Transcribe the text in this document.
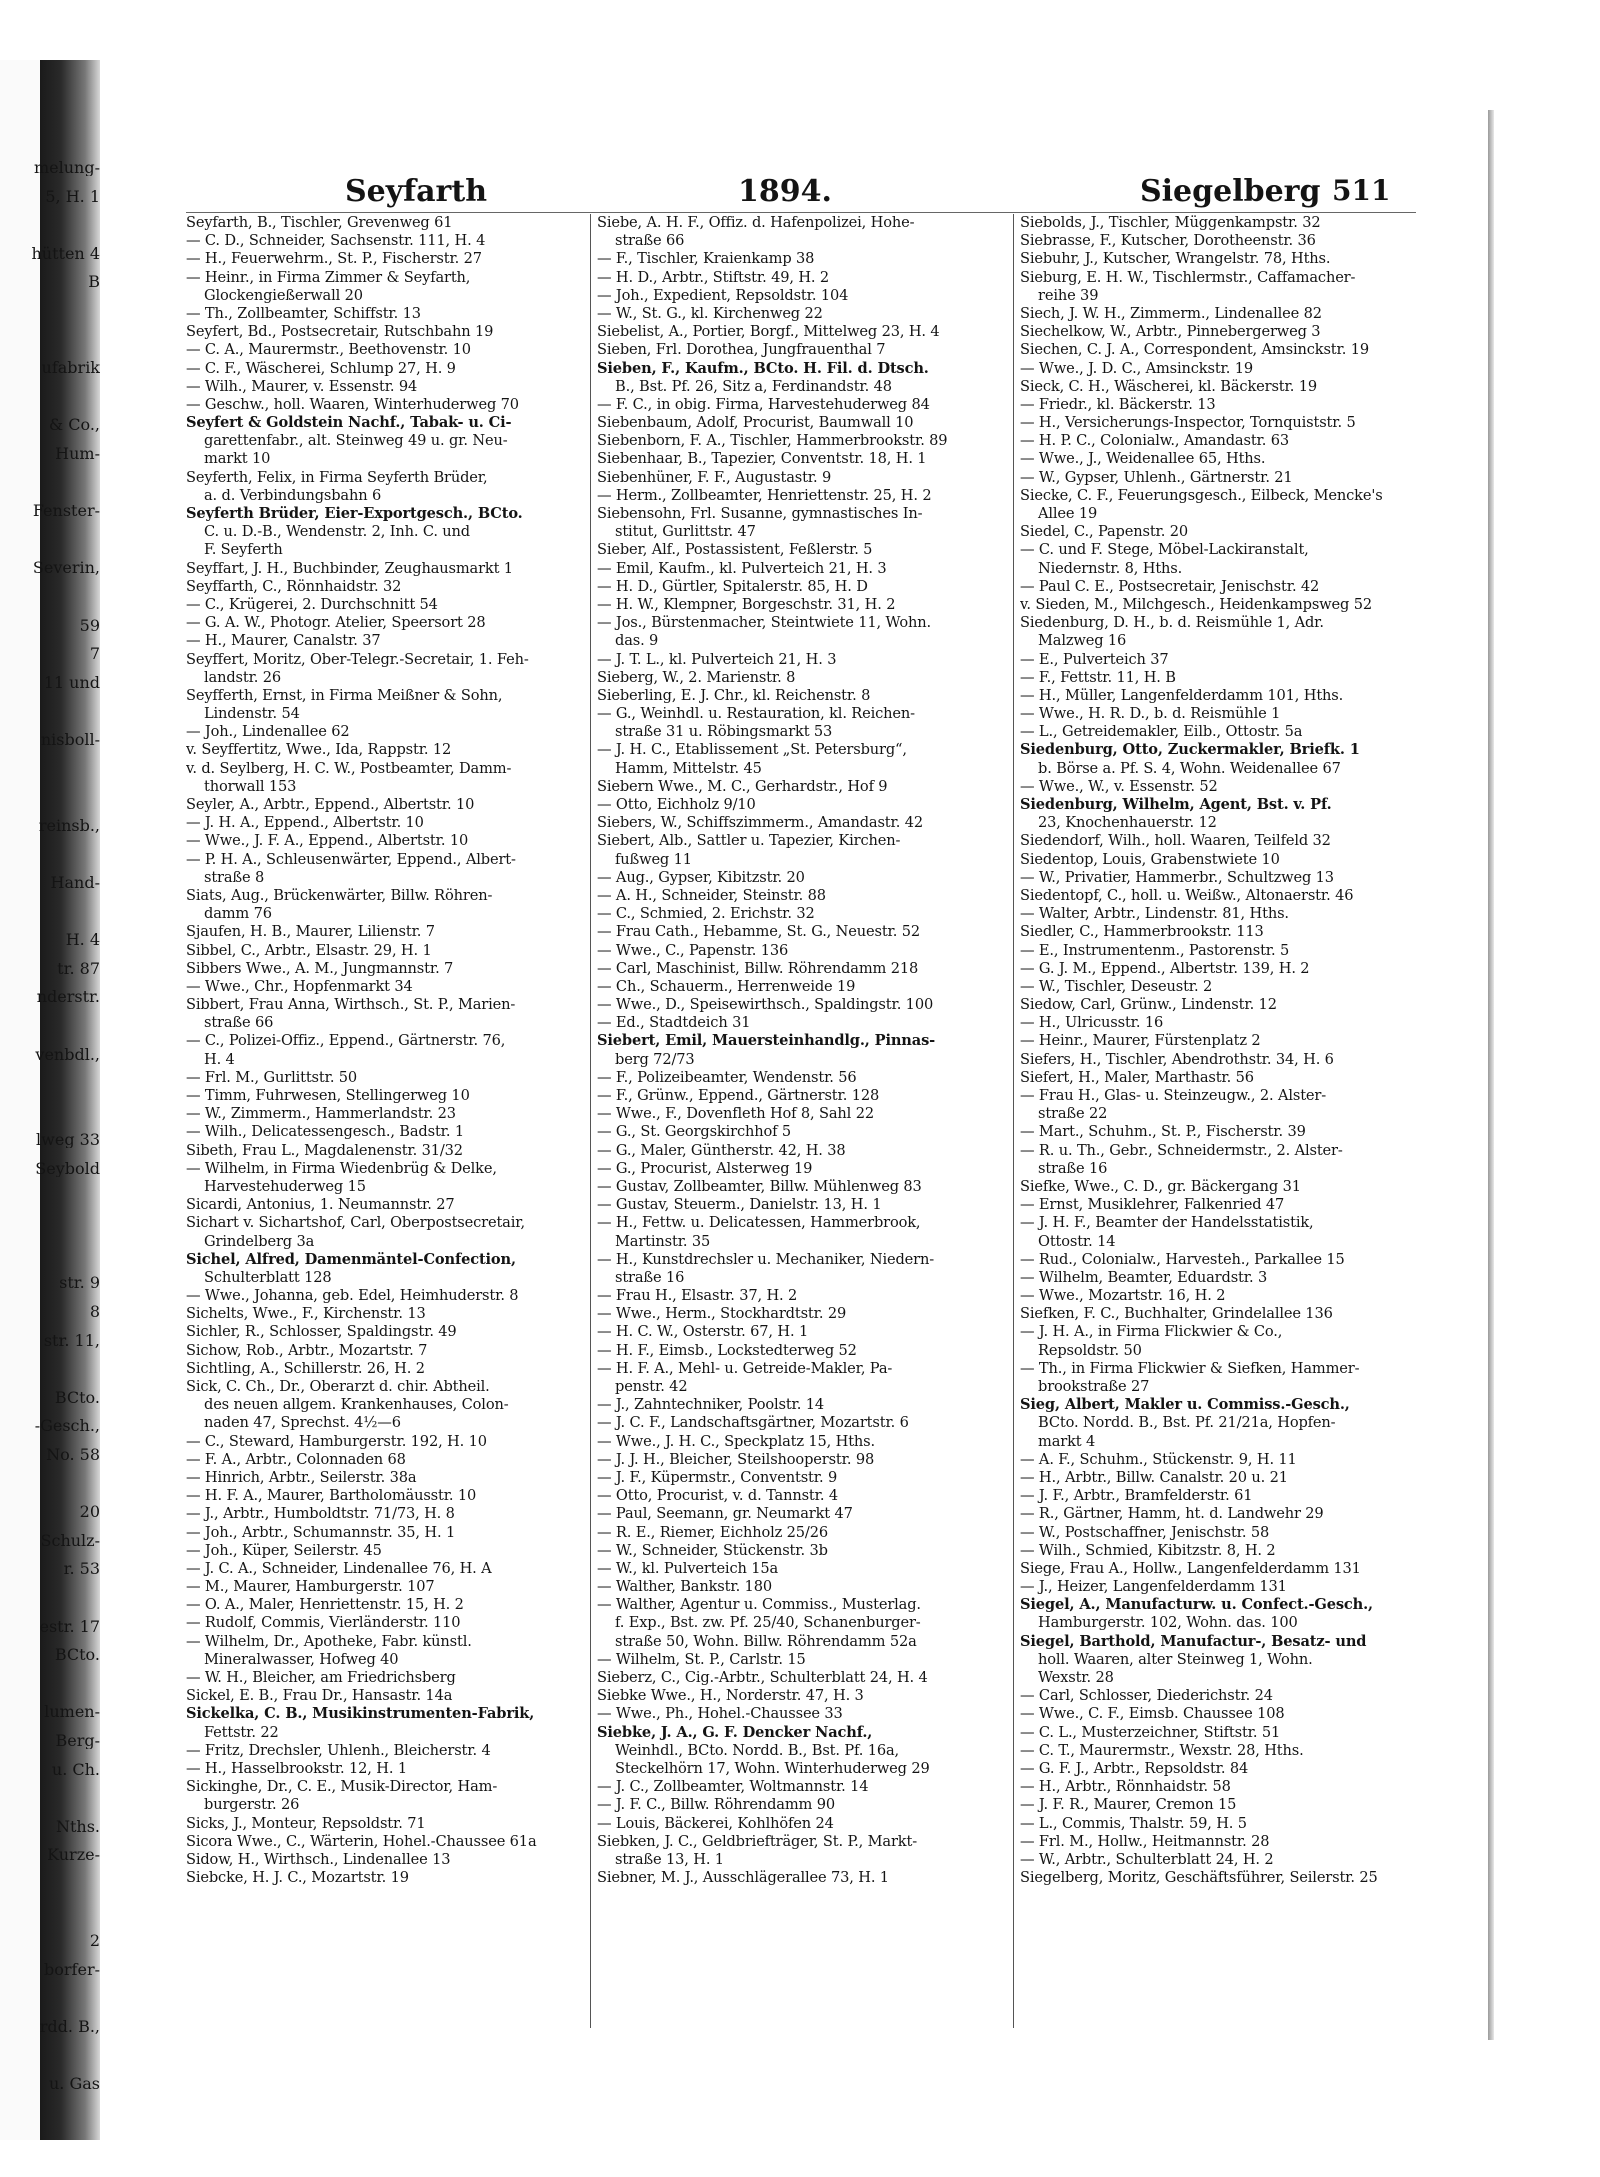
melung-
5, H. 1
hütten 4
B
ufabrik
& Co.,
Hum-
Fenster-
Severin,
59
7
11 und
nisboll-
reinsb.,
Hand-
H. 4
tr. 87
nderstr.
venbdl.,
lweg 33
Seybold
str. 9
8
str. 11,
BCto.
-Gesch.,
No. 58
20
Schulz-
r. 53
estr. 17
BCto.
lumen-
Berg-
u. Ch.
Nths.
Kurze-
2
borfer-
rdd. B.,
u. Gas
Seyfarth	1894.	Siegelberg 511
Seyfarth, B., Tischler, Grevenweg 61
— C. D., Schneider, Sachsenstr. 111, H. 4
— H., Feuerwehrm., St. P., Fischerstr. 27
— Heinr., in Firma Zimmer & Seyfarth,
Glockengießerwall 20
— Th., Zollbeamter, Schiffstr. 13
Seyfert, Bd., Postsecretair, Rutschbahn 19
— C. A., Maurermstr., Beethovenstr. 10
— C. F., Wäscherei, Schlump 27, H. 9
— Wilh., Maurer, v. Essenstr. 94
— Geschw., holl. Waaren, Winterhuderweg 70
Seyfert & Goldstein Nachf., Tabak- u. Ci-
garettenfabr., alt. Steinweg 49 u. gr. Neu-
markt 10
Seyferth, Felix, in Firma Seyferth Brüder,
a. d. Verbindungsbahn 6
Seyferth Brüder, Eier-Exportgesch., BCto.
C. u. D.-B., Wendenstr. 2, Inh. C. und
F. Seyferth
Seyffart, J. H., Buchbinder, Zeughausmarkt 1
Seyffarth, C., Rönnhaidstr. 32
— C., Krügerei, 2. Durchschnitt 54
— G. A. W., Photogr. Atelier, Speersort 28
— H., Maurer, Canalstr. 37
Seyffert, Moritz, Ober-Telegr.-Secretair, 1. Feh-
landstr. 26
Seyfferth, Ernst, in Firma Meißner & Sohn,
Lindenstr. 54
— Joh., Lindenallee 62
v. Seyffertitz, Wwe., Ida, Rappstr. 12
v. d. Seylberg, H. C. W., Postbeamter, Damm-
thorwall 153
Seyler, A., Arbtr., Eppend., Albertstr. 10
— J. H. A., Eppend., Albertstr. 10
— Wwe., J. F. A., Eppend., Albertstr. 10
— P. H. A., Schleusenwärter, Eppend., Albert-
straße 8
Siats, Aug., Brückenwärter, Billw. Röhren-
damm 76
Sjaufen, H. B., Maurer, Lilienstr. 7
Sibbel, C., Arbtr., Elsastr. 29, H. 1
Sibbers Wwe., A. M., Jungmannstr. 7
— Wwe., Chr., Hopfenmarkt 34
Sibbert, Frau Anna, Wirthsch., St. P., Marien-
straße 66
— C., Polizei-Offiz., Eppend., Gärtnerstr. 76,
H. 4
— Frl. M., Gurlittstr. 50
— Timm, Fuhrwesen, Stellingerweg 10
— W., Zimmerm., Hammerlandstr. 23
— Wilh., Delicatessengesch., Badstr. 1
Sibeth, Frau L., Magdalenenstr. 31/32
— Wilhelm, in Firma Wiedenbrüg & Delke,
Harvestehuderweg 15
Sicardi, Antonius, 1. Neumannstr. 27
Sichart v. Sichartshof, Carl, Oberpostsecretair,
Grindelberg 3a
Sichel, Alfred, Damenmäntel-Confection,
Schulterblatt 128
— Wwe., Johanna, geb. Edel, Heimhuderstr. 8
Sichelts, Wwe., F., Kirchenstr. 13
Sichler, R., Schlosser, Spaldingstr. 49
Sichow, Rob., Arbtr., Mozartstr. 7
Sichtling, A., Schillerstr. 26, H. 2
Sick, C. Ch., Dr., Oberarzt d. chir. Abtheil.
des neuen allgem. Krankenhauses, Colon-
naden 47, Sprechst. 4½—6
— C., Steward, Hamburgerstr. 192, H. 10
— F. A., Arbtr., Colonnaden 68
— Hinrich, Arbtr., Seilerstr. 38a
— H. F. A., Maurer, Bartholomäusstr. 10
— J., Arbtr., Humboldtstr. 71/73, H. 8
— Joh., Arbtr., Schumannstr. 35, H. 1
— Joh., Küper, Seilerstr. 45
— J. C. A., Schneider, Lindenallee 76, H. A
— M., Maurer, Hamburgerstr. 107
— O. A., Maler, Henriettenstr. 15, H. 2
— Rudolf, Commis, Vierländerstr. 110
— Wilhelm, Dr., Apotheke, Fabr. künstl.
Mineralwasser, Hofweg 40
— W. H., Bleicher, am Friedrichsberg
Sickel, E. B., Frau Dr., Hansastr. 14a
Sickelka, C. B., Musikinstrumenten-Fabrik,
Fettstr. 22
— Fritz, Drechsler, Uhlenh., Bleicherstr. 4
— H., Hasselbrookstr. 12, H. 1
Sickinghe, Dr., C. E., Musik-Director, Ham-
burgerstr. 26
Sicks, J., Monteur, Repsoldstr. 71
Sicora Wwe., C., Wärterin, Hohel.-Chaussee 61a
Sidow, H., Wirthsch., Lindenallee 13
Siebcke, H. J. C., Mozartstr. 19
Siebe, A. H. F., Offiz. d. Hafenpolizei, Hohe-
straße 66
— F., Tischler, Kraienkamp 38
— H. D., Arbtr., Stiftstr. 49, H. 2
— Joh., Expedient, Repsoldstr. 104
— W., St. G., kl. Kirchenweg 22
Siebelist, A., Portier, Borgf., Mittelweg 23, H. 4
Sieben, Frl. Dorothea, Jungfrauenthal 7
Sieben, F., Kaufm., BCto. H. Fil. d. Dtsch.
B., Bst. Pf. 26, Sitz a, Ferdinandstr. 48
— F. C., in obig. Firma, Harvestehuderweg 84
Siebenbaum, Adolf, Procurist, Baumwall 10
Siebenborn, F. A., Tischler, Hammerbrookstr. 89
Siebenhaar, B., Tapezier, Conventstr. 18, H. 1
Siebenhüner, F. F., Augustastr. 9
— Herm., Zollbeamter, Henriettenstr. 25, H. 2
Siebensohn, Frl. Susanne, gymnastisches In-
stitut, Gurlittstr. 47
Sieber, Alf., Postassistent, Feßlerstr. 5
— Emil, Kaufm., kl. Pulverteich 21, H. 3
— H. D., Gürtler, Spitalerstr. 85, H. D
— H. W., Klempner, Borgeschstr. 31, H. 2
— Jos., Bürstenmacher, Steintwiete 11, Wohn.
das. 9
— J. T. L., kl. Pulverteich 21, H. 3
Sieberg, W., 2. Marienstr. 8
Sieberling, E. J. Chr., kl. Reichenstr. 8
— G., Weinhdl. u. Restauration, kl. Reichen-
straße 31 u. Röbingsmarkt 53
— J. H. C., Etablissement „St. Petersburg“,
Hamm, Mittelstr. 45
Siebern Wwe., M. C., Gerhardstr., Hof 9
— Otto, Eichholz 9/10
Siebers, W., Schiffszimmerm., Amandastr. 42
Siebert, Alb., Sattler u. Tapezier, Kirchen-
fußweg 11
— Aug., Gypser, Kibitzstr. 20
— A. H., Schneider, Steinstr. 88
— C., Schmied, 2. Erichstr. 32
— Frau Cath., Hebamme, St. G., Neuestr. 52
— Wwe., C., Papenstr. 136
— Carl, Maschinist, Billw. Röhrendamm 218
— Ch., Schauerm., Herrenweide 19
— Wwe., D., Speisewirthsch., Spaldingstr. 100
— Ed., Stadtdeich 31
Siebert, Emil, Mauersteinhandlg., Pinnas-
berg 72/73
— F., Polizeibeamter, Wendenstr. 56
— F., Grünw., Eppend., Gärtnerstr. 128
— Wwe., F., Dovenfleth Hof 8, Sahl 22
— G., St. Georgskirchhof 5
— G., Maler, Güntherstr. 42, H. 38
— G., Procurist, Alsterweg 19
— Gustav, Zollbeamter, Billw. Mühlenweg 83
— Gustav, Steuerm., Danielstr. 13, H. 1
— H., Fettw. u. Delicatessen, Hammerbrook,
Martinstr. 35
— H., Kunstdrechsler u. Mechaniker, Niedern-
straße 16
— Frau H., Elsastr. 37, H. 2
— Wwe., Herm., Stockhardtstr. 29
— H. C. W., Osterstr. 67, H. 1
— H. F., Eimsb., Lockstedterweg 52
— H. F. A., Mehl- u. Getreide-Makler, Pa-
penstr. 42
— J., Zahntechniker, Poolstr. 14
— J. C. F., Landschaftsgärtner, Mozartstr. 6
— Wwe., J. H. C., Speckplatz 15, Hths.
— J. J. H., Bleicher, Steilshooperstr. 98
— J. F., Küpermstr., Conventstr. 9
— Otto, Procurist, v. d. Tannstr. 4
— Paul, Seemann, gr. Neumarkt 47
— R. E., Riemer, Eichholz 25/26
— W., Schneider, Stückenstr. 3b
— W., kl. Pulverteich 15a
— Walther, Bankstr. 180
— Walther, Agentur u. Commiss., Musterlag.
f. Exp., Bst. zw. Pf. 25/40, Schanenburger-
straße 50, Wohn. Billw. Röhrendamm 52a
— Wilhelm, St. P., Carlstr. 15
Sieberz, C., Cig.-Arbtr., Schulterblatt 24, H. 4
Siebke Wwe., H., Norderstr. 47, H. 3
— Wwe., Ph., Hohel.-Chaussee 33
Siebke, J. A., G. F. Dencker Nachf.,
Weinhdl., BCto. Nordd. B., Bst. Pf. 16a,
Steckelhörn 17, Wohn. Winterhuderweg 29
— J. C., Zollbeamter, Woltmannstr. 14
— J. F. C., Billw. Röhrendamm 90
— Louis, Bäckerei, Kohlhöfen 24
Siebken, J. C., Geldbriefträger, St. P., Markt-
straße 13, H. 1
Siebner, M. J., Ausschlägerallee 73, H. 1
Siebolds, J., Tischler, Müggenkampstr. 32
Siebrasse, F., Kutscher, Dorotheenstr. 36
Siebuhr, J., Kutscher, Wrangelstr. 78, Hths.
Sieburg, E. H. W., Tischlermstr., Caffamacher-
reihe 39
Siech, J. W. H., Zimmerm., Lindenallee 82
Siechelkow, W., Arbtr., Pinnebergerweg 3
Siechen, C. J. A., Correspondent, Amsinckstr. 19
— Wwe., J. D. C., Amsinckstr. 19
Sieck, C. H., Wäscherei, kl. Bäckerstr. 19
— Friedr., kl. Bäckerstr. 13
— H., Versicherungs-Inspector, Tornquiststr. 5
— H. P. C., Colonialw., Amandastr. 63
— Wwe., J., Weidenallee 65, Hths.
— W., Gypser, Uhlenh., Gärtnerstr. 21
Siecke, C. F., Feuerungsgesch., Eilbeck, Mencke's
Allee 19
Siedel, C., Papenstr. 20
— C. und F. Stege, Möbel-Lackiranstalt,
Niedernstr. 8, Hths.
— Paul C. E., Postsecretair, Jenischstr. 42
v. Sieden, M., Milchgesch., Heidenkampsweg 52
Siedenburg, D. H., b. d. Reismühle 1, Adr.
Malzweg 16
— E., Pulverteich 37
— F., Fettstr. 11, H. B
— H., Müller, Langenfelderdamm 101, Hths.
— Wwe., H. R. D., b. d. Reismühle 1
— L., Getreidemakler, Eilb., Ottostr. 5a
Siedenburg, Otto, Zuckermakler, Briefk. 1
b. Börse a. Pf. S. 4, Wohn. Weidenallee 67
— Wwe., W., v. Essenstr. 52
Siedenburg, Wilhelm, Agent, Bst. v. Pf.
23, Knochenhauerstr. 12
Siedendorf, Wilh., holl. Waaren, Teilfeld 32
Siedentop, Louis, Grabenstwiete 10
— W., Privatier, Hammerbr., Schultzweg 13
Siedentopf, C., holl. u. Weißw., Altonaerstr. 46
— Walter, Arbtr., Lindenstr. 81, Hths.
Siedler, C., Hammerbrookstr. 113
— E., Instrumentenm., Pastorenstr. 5
— G. J. M., Eppend., Albertstr. 139, H. 2
— W., Tischler, Deseustr. 2
Siedow, Carl, Grünw., Lindenstr. 12
— H., Ulricusstr. 16
— Heinr., Maurer, Fürstenplatz 2
Siefers, H., Tischler, Abendrothstr. 34, H. 6
Siefert, H., Maler, Marthastr. 56
— Frau H., Glas- u. Steinzeugw., 2. Alster-
straße 22
— Mart., Schuhm., St. P., Fischerstr. 39
— R. u. Th., Gebr., Schneidermstr., 2. Alster-
straße 16
Siefke, Wwe., C. D., gr. Bäckergang 31
— Ernst, Musiklehrer, Falkenried 47
— J. H. F., Beamter der Handelsstatistik,
Ottostr. 14
— Rud., Colonialw., Harvesteh., Parkallee 15
— Wilhelm, Beamter, Eduardstr. 3
— Wwe., Mozartstr. 16, H. 2
Siefken, F. C., Buchhalter, Grindelallee 136
— J. H. A., in Firma Flickwier & Co.,
Repsoldstr. 50
— Th., in Firma Flickwier & Siefken, Hammer-
brookstraße 27
Sieg, Albert, Makler u. Commiss.-Gesch.,
BCto. Nordd. B., Bst. Pf. 21/21a, Hopfen-
markt 4
— A. F., Schuhm., Stückenstr. 9, H. 11
— H., Arbtr., Billw. Canalstr. 20 u. 21
— J. F., Arbtr., Bramfelderstr. 61
— R., Gärtner, Hamm, ht. d. Landwehr 29
— W., Postschaffner, Jenischstr. 58
— Wilh., Schmied, Kibitzstr. 8, H. 2
Siege, Frau A., Hollw., Langenfelderdamm 131
— J., Heizer, Langenfelderdamm 131
Siegel, A., Manufacturw. u. Confect.-Gesch.,
Hamburgerstr. 102, Wohn. das. 100
Siegel, Barthold, Manufactur-, Besatz- und
holl. Waaren, alter Steinweg 1, Wohn.
Wexstr. 28
— Carl, Schlosser, Diederichstr. 24
— Wwe., C. F., Eimsb. Chaussee 108
— C. L., Musterzeichner, Stiftstr. 51
— C. T., Maurermstr., Wexstr. 28, Hths.
— G. F. J., Arbtr., Repsoldstr. 84
— H., Arbtr., Rönnhaidstr. 58
— J. F. R., Maurer, Cremon 15
— L., Commis, Thalstr. 59, H. 5
— Frl. M., Hollw., Heitmannstr. 28
— W., Arbtr., Schulterblatt 24, H. 2
Siegelberg, Moritz, Geschäftsführer, Seilerstr. 25
